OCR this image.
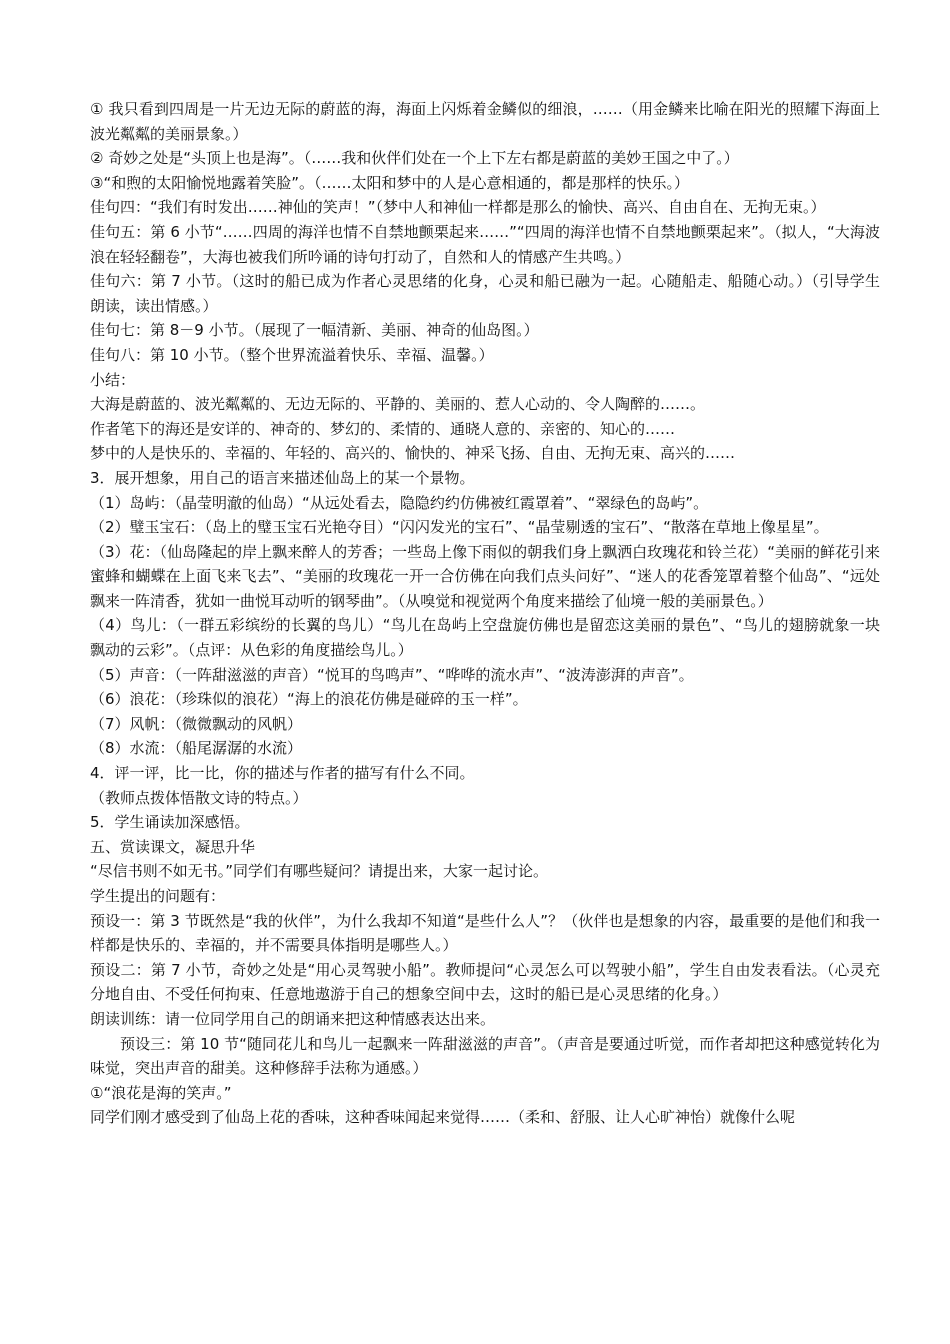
① 我只看到四周是一片无边无际的蔚蓝的海，海面上闪烁着金鳞似的细浪，……（用金鳞来比喻在阳光的照耀下海面上波光粼粼的美丽景象。）

② 奇妙之处是“头顶上也是海”。（……我和伙伴们处在一个上下左右都是蔚蓝的美妙王国之中了。）

③“和煦的太阳愉悦地露着笑脸”。（……太阳和梦中的人是心意相通的，都是那样的快乐。）

佳句四：“我们有时发出……神仙的笑声！”（梦中人和神仙一样都是那么的愉快、高兴、自由自在、无拘无束。）

佳句五：第 6 小节“……四周的海洋也情不自禁地颤栗起来……”“四周的海洋也情不自禁地颤栗起来”。（拟人，“大海波浪在轻轻翻卷”，大海也被我们所吟诵的诗句打动了，自然和人的情感产生共鸣。）

佳句六：第 7 小节。（这时的船已成为作者心灵思绪的化身，心灵和船已融为一起。心随船走、船随心动。）（引导学生朗读，读出情感。）

佳句七：第 8－9 小节。（展现了一幅清新、美丽、神奇的仙岛图。）

佳句八：第 10 小节。（整个世界流溢着快乐、幸福、温馨。）

小结：

大海是蔚蓝的、波光粼粼的、无边无际的、平静的、美丽的、惹人心动的、令人陶醉的……。

作者笔下的海还是安详的、神奇的、梦幻的、柔情的、通晓人意的、亲密的、知心的……

梦中的人是快乐的、幸福的、年轻的、高兴的、愉快的、神采飞扬、自由、无拘无束、高兴的……

3．展开想象，用自己的语言来描述仙岛上的某一个景物。

（1）岛屿：（晶莹明澈的仙岛）“从远处看去，隐隐约约仿佛被红霞罩着”、“翠绿色的岛屿”。

（2）璧玉宝石：（岛上的璧玉宝石光艳夺目）“闪闪发光的宝石”、“晶莹剔透的宝石”、“散落在草地上像星星”。

（3）花：（仙岛隆起的岸上飘来醉人的芳香；一些岛上像下雨似的朝我们身上飘洒白玫瑰花和铃兰花）“美丽的鲜花引来蜜蜂和蝴蝶在上面飞来飞去”、“美丽的玫瑰花一开一合仿佛在向我们点头问好”、“迷人的花香笼罩着整个仙岛”、“远处飘来一阵清香，犹如一曲悦耳动听的钢琴曲”。（从嗅觉和视觉两个角度来描绘了仙境一般的美丽景色。）

（4）鸟儿：（一群五彩缤纷的长翼的鸟儿）“鸟儿在岛屿上空盘旋仿佛也是留恋这美丽的景色”、“鸟儿的翅膀就象一块飘动的云彩”。（点评：从色彩的角度描绘鸟儿。）

（5）声音：（一阵甜滋滋的声音）“悦耳的鸟鸣声”、“哗哗的流水声”、“波涛澎湃的声音”。

（6）浪花：（珍珠似的浪花）“海上的浪花仿佛是碰碎的玉一样”。

（7）风帆：（微微飘动的风帆）

（8）水流：（船尾潺潺的水流）

4．评一评，比一比，你的描述与作者的描写有什么不同。

（教师点拨体悟散文诗的特点。）

5．学生诵读加深感悟。

五、赏读课文，凝思升华

“尽信书则不如无书。”同学们有哪些疑问？请提出来，大家一起讨论。

学生提出的问题有：

预设一：第 3 节既然是“我的伙伴”，为什么我却不知道“是些什么人”？（伙伴也是想象的内容，最重要的是他们和我一样都是快乐的、幸福的，并不需要具体指明是哪些人。）

预设二：第 7 小节，奇妙之处是“用心灵驾驶小船”。教师提问“心灵怎么可以驾驶小船”，学生自由发表看法。（心灵充分地自由、不受任何拘束、任意地遨游于自己的想象空间中去，这时的船已是心灵思绪的化身。）

朗读训练：请一位同学用自己的朗诵来把这种情感表达出来。

预设三：第 10 节“随同花儿和鸟儿一起飘来一阵甜滋滋的声音”。（声音是要通过听觉，而作者却把这种感觉转化为味觉，突出声音的甜美。这种修辞手法称为通感。）

①“浪花是海的笑声。”

同学们刚才感受到了仙岛上花的香味，这种香味闻起来觉得……（柔和、舒服、让人心旷神怡）就像什么呢
